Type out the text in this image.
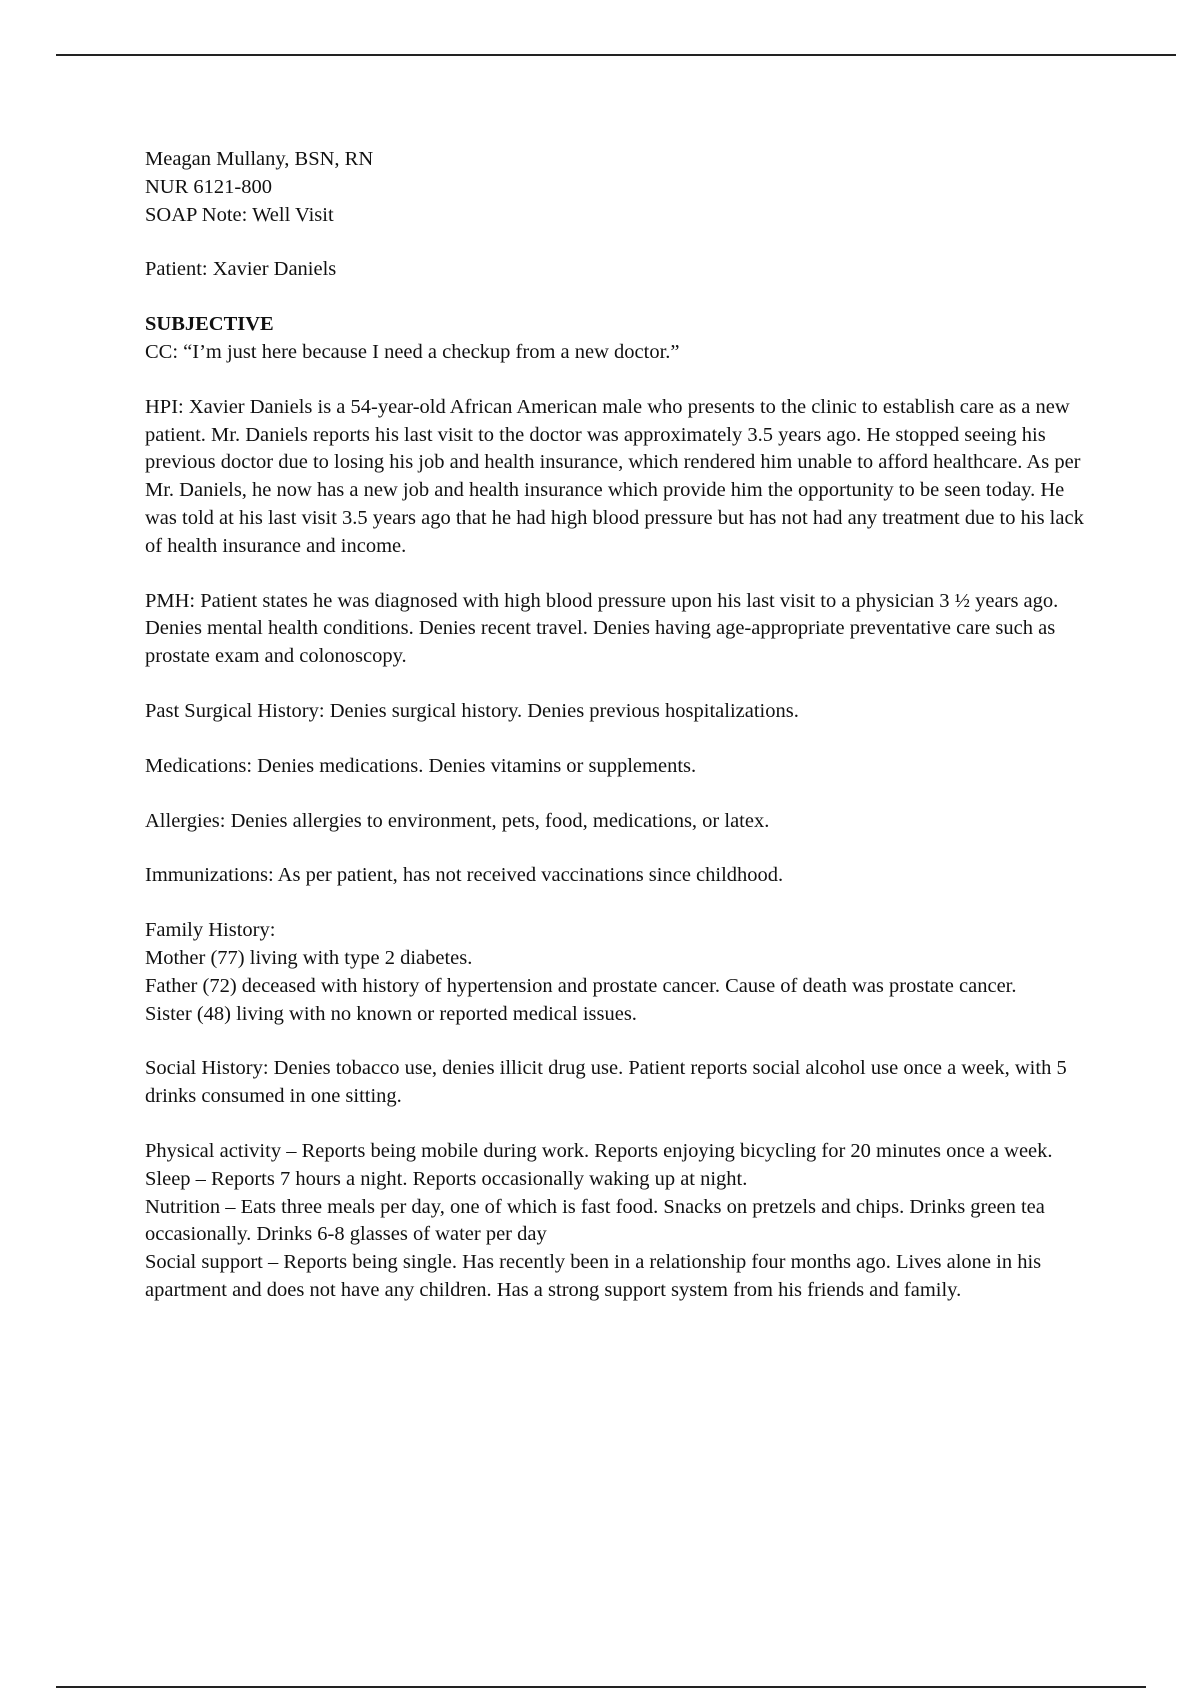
Meagan Mullany, BSN, RN
NUR 6121-800
SOAP Note: Well Visit

Patient: Xavier Daniels

SUBJECTIVE
CC: “I’m just here because I need a checkup from a new doctor.”

HPI: Xavier Daniels is a 54-year-old African American male who presents to the clinic to establish care as a new patient. Mr. Daniels reports his last visit to the doctor was approximately 3.5 years ago. He stopped seeing his previous doctor due to losing his job and health insurance, which rendered him unable to afford healthcare. As per Mr. Daniels, he now has a new job and health insurance which provide him the opportunity to be seen today. He was told at his last visit 3.5 years ago that he had high blood pressure but has not had any treatment due to his lack of health insurance and income.

PMH: Patient states he was diagnosed with high blood pressure upon his last visit to a physician 3 ½ years ago. Denies mental health conditions. Denies recent travel. Denies having age-appropriate preventative care such as prostate exam and colonoscopy.

Past Surgical History: Denies surgical history. Denies previous hospitalizations.

Medications: Denies medications. Denies vitamins or supplements.

Allergies: Denies allergies to environment, pets, food, medications, or latex.

Immunizations: As per patient, has not received vaccinations since childhood.

Family History:
Mother (77) living with type 2 diabetes.
Father (72) deceased with history of hypertension and prostate cancer. Cause of death was prostate cancer.
Sister (48) living with no known or reported medical issues.

Social History: Denies tobacco use, denies illicit drug use. Patient reports social alcohol use once a week, with 5 drinks consumed in one sitting.

Physical activity – Reports being mobile during work. Reports enjoying bicycling for 20 minutes once a week.
Sleep – Reports 7 hours a night. Reports occasionally waking up at night.
Nutrition – Eats three meals per day, one of which is fast food. Snacks on pretzels and chips. Drinks green tea occasionally. Drinks 6-8 glasses of water per day
Social support – Reports being single. Has recently been in a relationship four months ago. Lives alone in his apartment and does not have any children. Has a strong support system from his friends and family.
